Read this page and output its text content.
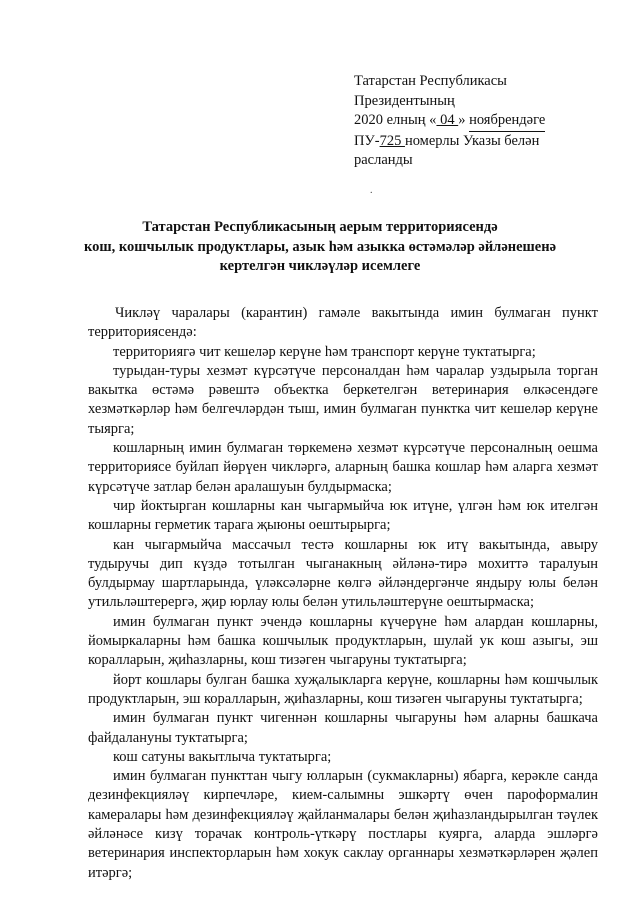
Татарстан Республикасы
Президентының
2020 елның « 04 » ноябрендәге
ПУ-725 номерлы Указы белән
расланды
.
Татарстан Республикасының аерым территориясендә
кош, кошчылык продуктлары, азык һәм азыкка өстәмәләр әйләнешенә
кертелгән чикләүләр исемлеге

Чикләү чаралары (карантин) гамәле вакытында имин булмаган пункт территориясендә:

территориягә чит кешеләр керүне һәм транспорт керүне туктатырга;

турыдан-туры хезмәт күрсәтүче персоналдан һәм чаралар уздырыла торган вакытка өстәмә рәвештә объектка беркетелгән ветеринария өлкәсендәге хезмәткәрләр һәм белгечләрдән тыш, имин булмаган пунктка чит кешеләр керүне тыярга;

кошларның имин булмаган төркеменә хезмәт күрсәтүче персоналның оешма территориясе буйлап йөрүен чикләргә, аларның башка кошлар һәм аларга хезмәт күрсәтүче затлар белән аралашуын булдырмаска;

чир йоктырган кошларны кан чыгармыйча юк итүне, үлгән һәм юк ителгән кошларны герметик тарага җыюны оештырырга;

кан чыгармыйча массачыл тестә кошларны юк итү вакытында, авыру тудыручы дип күздә тотылган чыганакның әйләнә-тирә мохиттә таралуын булдырмау шартларында, үләксәләрне көлгә әйләндергәнче яндыру юлы белән утильләштерергә, җир юрлау юлы белән утильләштерүне оештырмаска;

имин булмаган пункт эчендә кошларны күчерүне һәм алардан кошларны, йомыркаларны һәм башка кошчылык продуктларын, шулай ук кош азыгы, эш коралларын, җиһазларны, кош тизәген чыгаруны туктатырга;

йорт кошлары булган башка хуҗалыкларга керүне, кошларны һәм кошчылык продуктларын, эш коралларын, җиһазларны, кош тизәген чыгаруны туктатырга;

имин булмаган пункт чигеннән кошларны чыгаруны һәм аларны башкача файдалануны туктатырга;

кош сатуны вакытлыча туктатырга;

имин булмаган пункттан чыгу юлларын (сукмакларны) ябарга, керәкле санда дезинфекцияләү кирпечләре, кием-салымны эшкәртү өчен пароформалин камералары һәм дезинфекцияләү җайланмалары белән җиһазландырылган тәүлек әйләнәсе кизү торачак контроль-үткәрү постлары куярга, аларда эшләргә ветеринария инспекторларын һәм хокук саклау органнары хезмәткәрләрен җәлеп итәргә;
